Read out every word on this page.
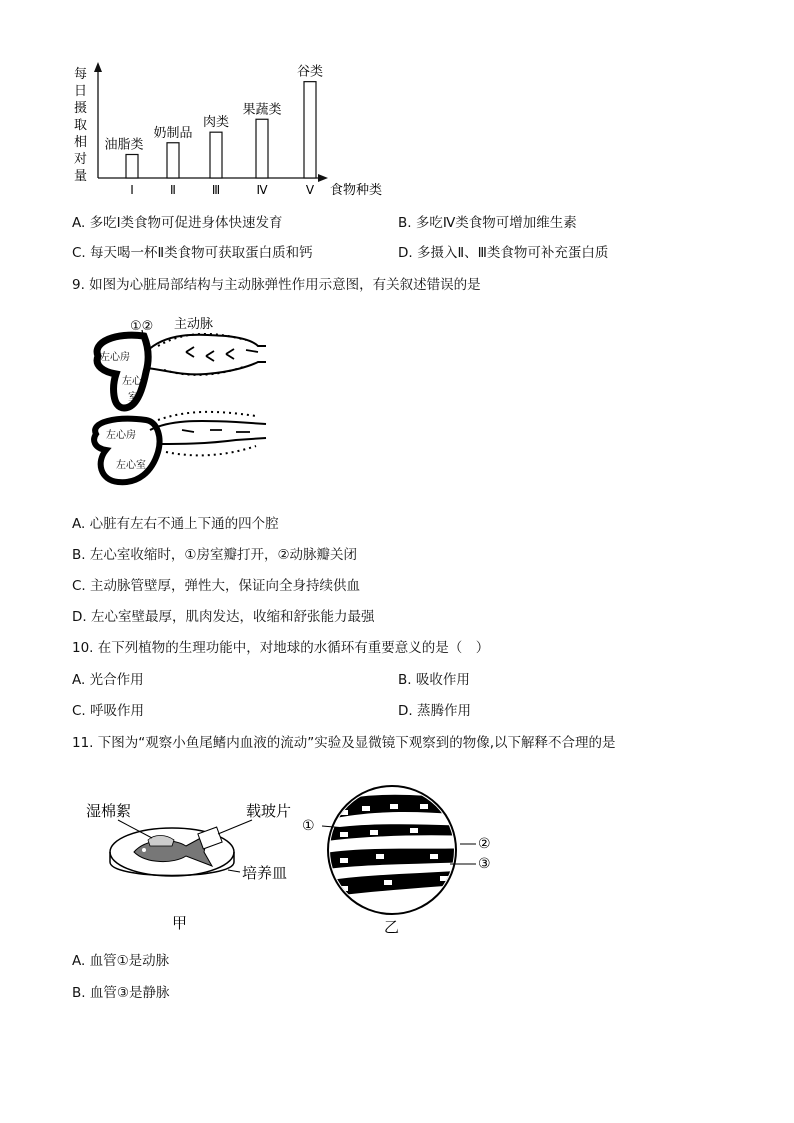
每
日
摄
取
相
对
量
食物种类
油脂类
Ⅰ
奶制品
Ⅱ
肉类
Ⅲ
果蔬类
Ⅳ
谷类
Ⅴ
A. 多吃Ⅰ类食物可促进身体快速发育	B. 多吃Ⅳ类食物可增加维生素
C. 每天喝一杯Ⅱ类食物可获取蛋白质和钙	D. 多摄入Ⅱ、Ⅲ类食物可补充蛋白质
9. 如图为心脏局部结构与主动脉弹性作用示意图，有关叙述错误的是
①② 主动脉
左心房
左心
室
左心房
左心室
A. 心脏有左右不通上下通的四个腔
B. 左心室收缩时，①房室瓣打开，②动脉瓣关闭
C. 主动脉管壁厚，弹性大，保证向全身持续供血
D. 左心室壁最厚，肌肉发达，收缩和舒张能力最强
10. 在下列植物的生理功能中，对地球的水循环有重要意义的是（　）
A. 光合作用	B. 吸收作用
C. 呼吸作用	D. 蒸腾作用
11. 下图为“观察小鱼尾鳍内血液的流动”实验及显微镜下观察到的物像,以下解释不合理的是
湿棉絮	载玻片
培养皿
甲
①
②
③
乙
A. 血管①是动脉
B. 血管③是静脉
